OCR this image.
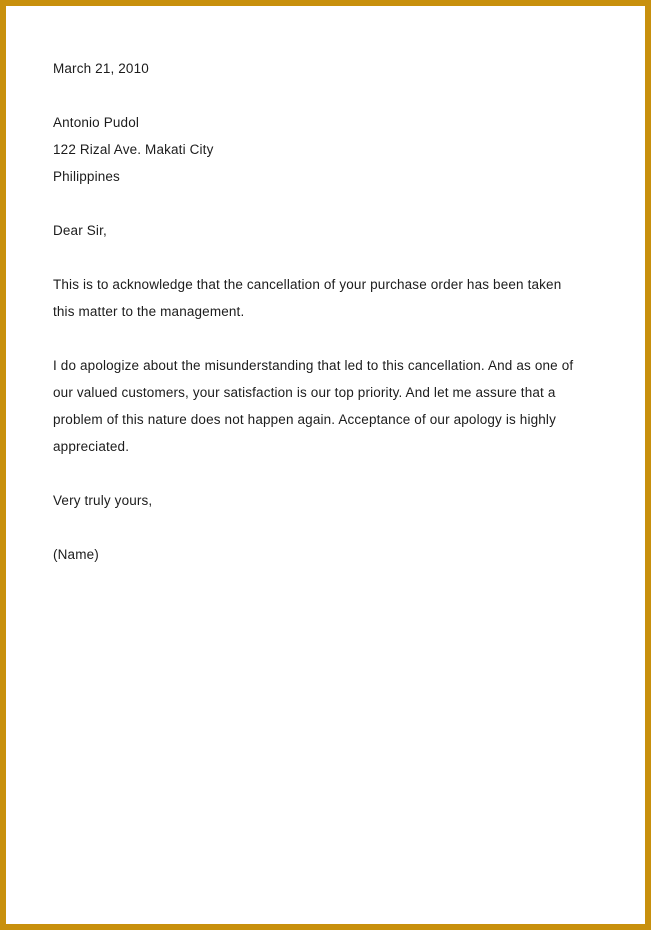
March 21, 2010
Antonio Pudol
122 Rizal Ave. Makati City
Philippines
Dear Sir,
This is to acknowledge that the cancellation of your purchase order has been taken this matter to the management.
I do apologize about the misunderstanding that led to this cancellation. And as one of our valued customers, your satisfaction is our top priority. And let me assure that a problem of this nature does not happen again. Acceptance of our apology is highly appreciated.
Very truly yours,
(Name)
